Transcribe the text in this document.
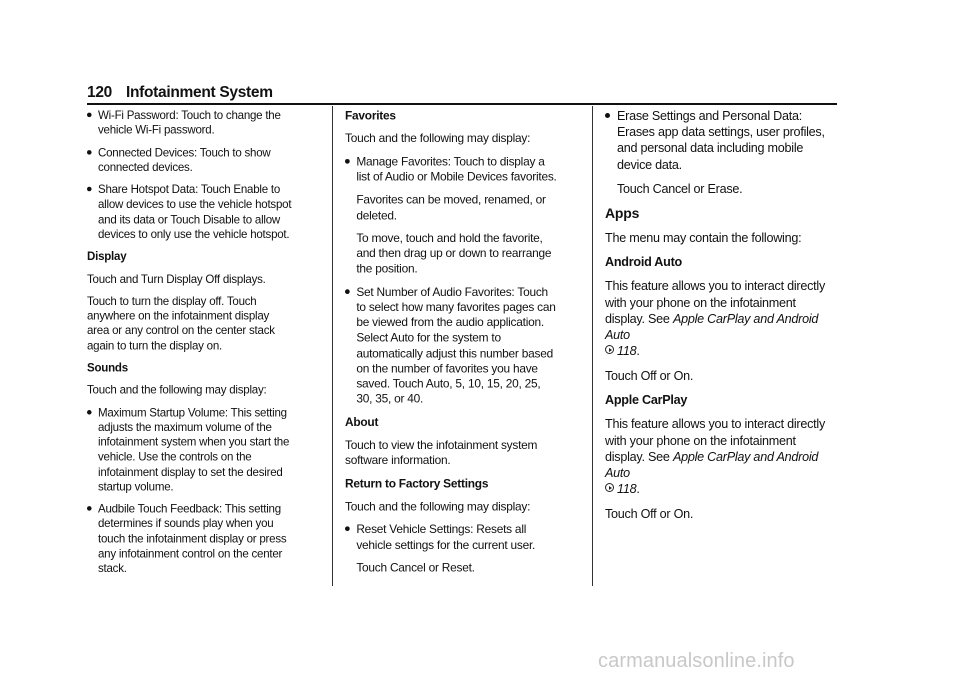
120 Infotainment System
Wi-Fi Password: Touch to change the vehicle Wi-Fi password.
Connected Devices: Touch to show connected devices.
Share Hotspot Data: Touch Enable to allow devices to use the vehicle hotspot and its data or Touch Disable to allow devices to only use the vehicle hotspot.
Display
Touch and Turn Display Off displays.
Touch to turn the display off. Touch anywhere on the infotainment display area or any control on the center stack again to turn the display on.
Sounds
Touch and the following may display:
Maximum Startup Volume: This setting adjusts the maximum volume of the infotainment system when you start the vehicle. Use the controls on the infotainment display to set the desired startup volume.
Audbile Touch Feedback: This setting determines if sounds play when you touch the infotainment display or press any infotainment control on the center stack.
Favorites
Touch and the following may display:
Manage Favorites: Touch to display a list of Audio or Mobile Devices favorites.
Favorites can be moved, renamed, or deleted.
To move, touch and hold the favorite, and then drag up or down to rearrange the position.
Set Number of Audio Favorites: Touch to select how many favorites pages can be viewed from the audio application. Select Auto for the system to automatically adjust this number based on the number of favorites you have saved. Touch Auto, 5, 10, 15, 20, 25, 30, 35, or 40.
About
Touch to view the infotainment system software information.
Return to Factory Settings
Touch and the following may display:
Reset Vehicle Settings: Resets all vehicle settings for the current user.
Touch Cancel or Reset.
Erase Settings and Personal Data: Erases app data settings, user profiles, and personal data including mobile device data.
Touch Cancel or Erase.
Apps
The menu may contain the following:
Android Auto
This feature allows you to interact directly with your phone on the infotainment display. See Apple CarPlay and Android Auto
118.
Touch Off or On.
Apple CarPlay
This feature allows you to interact directly with your phone on the infotainment display. See Apple CarPlay and Android Auto
118.
Touch Off or On.
carmanualsonline.info
